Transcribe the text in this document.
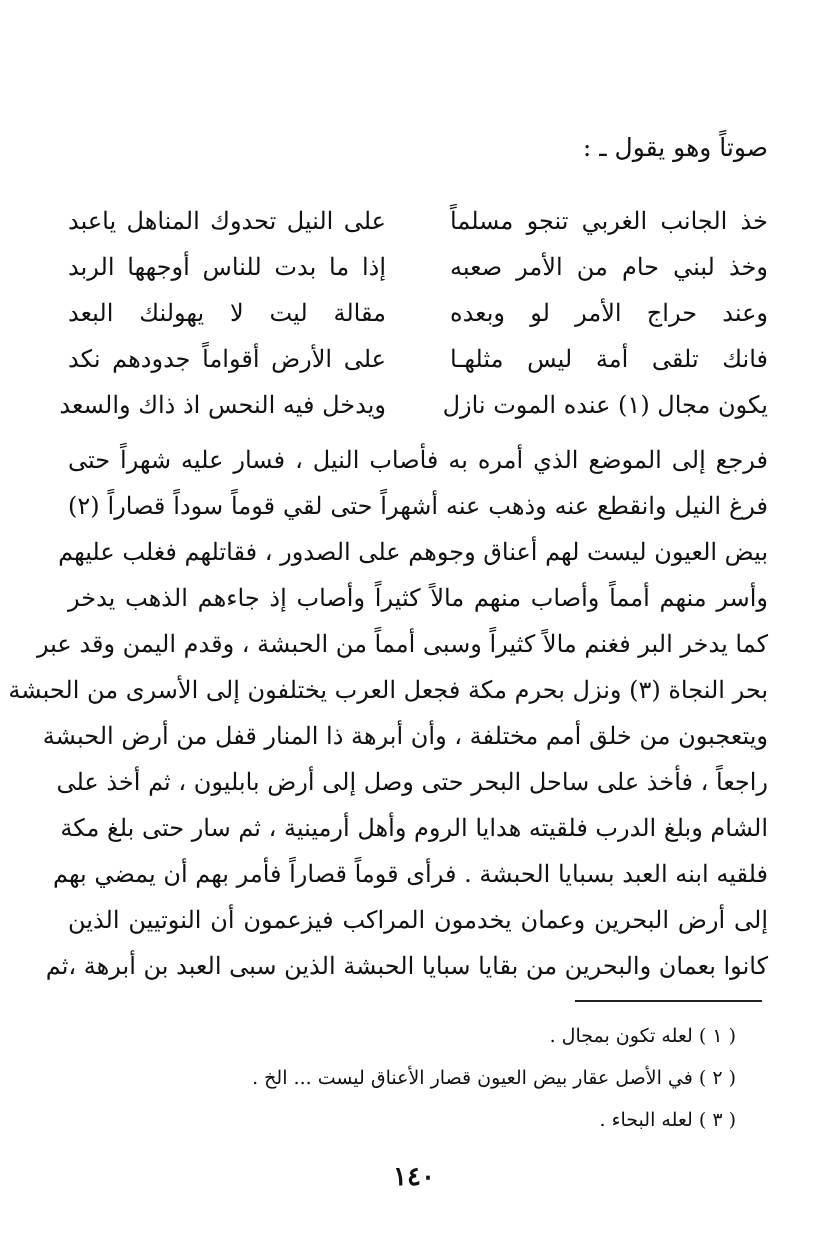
صوتاً وهو يقول ـ :
خذ الجانب الغربي تنجو مسلماً
على النيل تحدوك المناهل ياعبد
وخذ لبني حام من الأمر صعبه
إذا ما بدت للناس أوجهها الربد
وعند حراج الأمر لو وبعده
مقالة ليت لا يهولنك البعد
فانك تلقى أمة ليس مثلهـا
على الأرض أقواماً جدودهم نكد
يكون مجال (١) عنده الموت نازل
ويدخل فيه النحس اذ ذاك والسعد
فرجع إلى الموضع الذي أمره به فأصاب النيل ، فسار عليه شهراً حتى
فرغ النيل وانقطع عنه وذهب عنه أشهراً حتى لقي قوماً سوداً قصاراً (٢)
بيض العيون ليست لهم أعناق وجوهم على الصدور ، فقاتلهم فغلب عليهم
وأسر منهم أمماً وأصاب منهم مالاً كثيراً وأصاب إذ جاءهم الذهب يدخر
كما يدخر البر فغنم مالاً كثيراً وسبى أمماً من الحبشة ، وقدم اليمن وقد عبر
بحر النجاة (٣) ونزل بحرم مكة فجعل العرب يختلفون إلى الأسرى من الحبشة
ويتعجبون من خلق أمم مختلفة ، وأن أبرهة ذا المنار قفل من أرض الحبشة
راجعاً ، فأخذ على ساحل البحر حتى وصل إلى أرض بابليون ، ثم أخذ على
الشام وبلغ الدرب فلقيته هدايا الروم وأهل أرمينية ، ثم سار حتى بلغ مكة
فلقيه ابنه العبد بسبايا الحبشة . فرأى قوماً قصاراً فأمر بهم أن يمضي بهم
إلى أرض البحرين وعمان يخدمون المراكب فيزعمون أن النوتيين الذين
كانوا بعمان والبحرين من بقايا سبايا الحبشة الذين سبى العبد بن أبرهة ،ثم
( ١ ) لعله تكون بمجال .
( ٢ ) في الأصل عقار بيض العيون قصار الأعناق ليست ... الخ .
( ٣ ) لعله البحاء .
١٤٠
